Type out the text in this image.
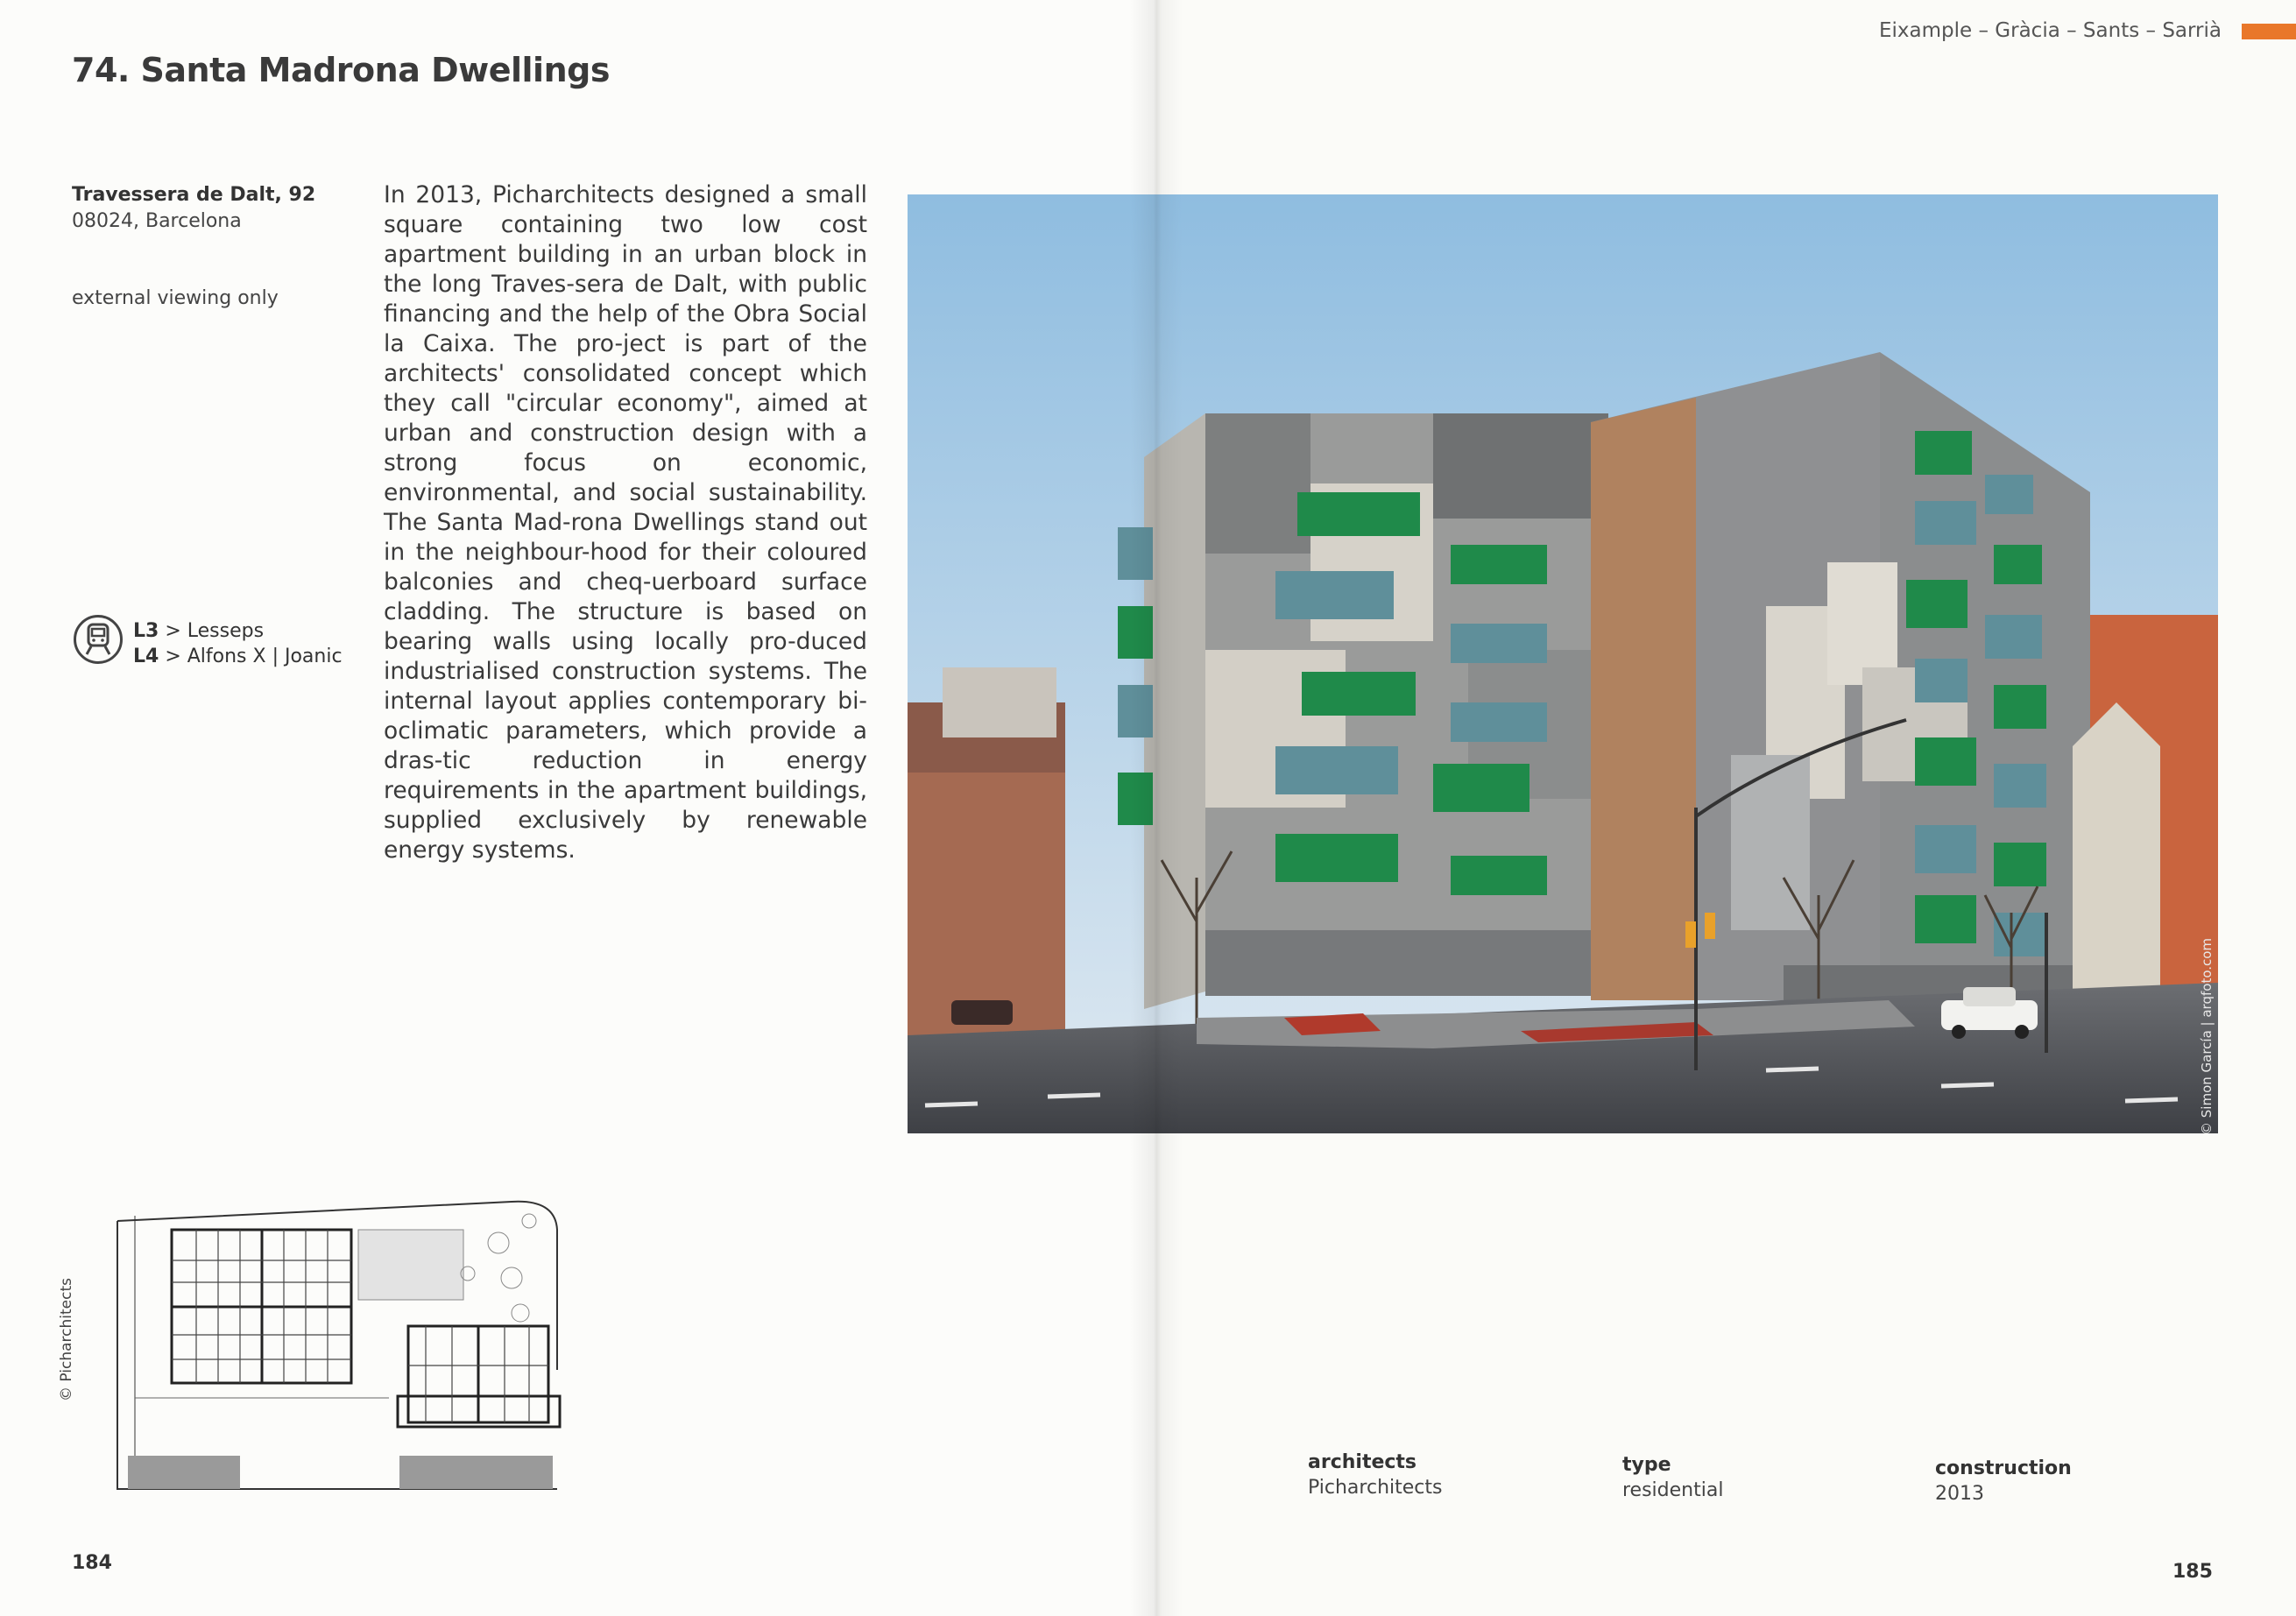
74. Santa Madrona Dwellings
Travessera de Dalt, 92
08024, Barcelona
external viewing only
L3 > Lesseps
L4 > Alfons X | Joanic
In 2013, Picharchitects designed a small square containing two low cost apartment building in an urban block in the long Traves-sera de Dalt, with public financing and the help of the Obra Social la Caixa. The pro-ject is part of the architects' consolidated concept which they call "circular economy", aimed at urban and construction design with a strong focus on economic, environmental, and social sustainability. The Santa Mad-rona Dwellings stand out in the neighbour-hood for their coloured balconies and cheq-uerboard surface cladding. The structure is based on bearing walls using locally pro-duced industrialised construction systems. The internal layout applies contemporary bi-oclimatic parameters, which provide a dras-tic reduction in energy requirements in the apartment buildings, supplied exclusively by renewable energy systems.
© Picharchitects
184
Eixample – Gràcia – Sants – Sarrià
© Simon García | arqfoto.com
architects
Picharchitects
type
residential
construction
2013
185
